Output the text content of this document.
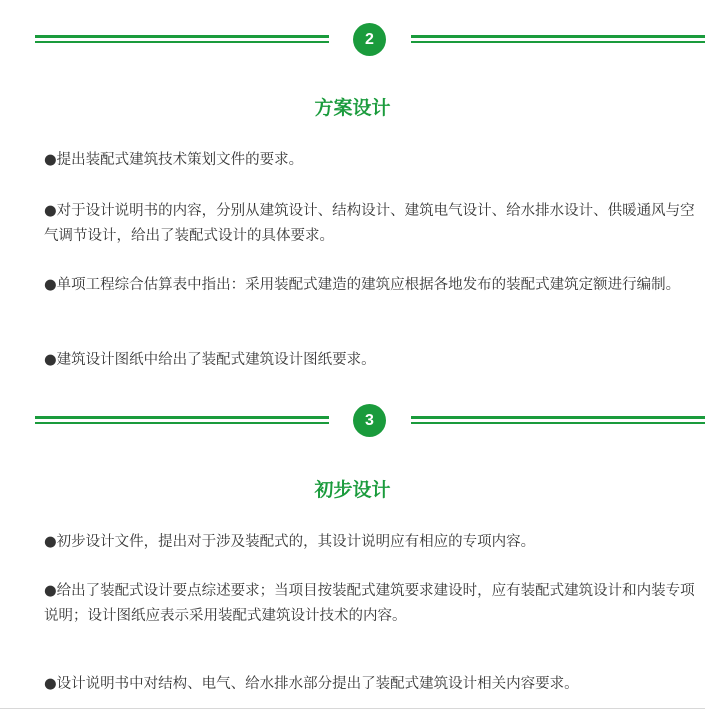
2
方案设计

●提出装配式建筑技术策划文件的要求。

●对于设计说明书的内容，分别从建筑设计、结构设计、建筑电气设计、给水排水设计、供暖通风与空气调节设计，给出了装配式设计的具体要求。

●单项工程综合估算表中指出：采用装配式建造的建筑应根据各地发布的装配式建筑定额进行编制。

●建筑设计图纸中给出了装配式建筑设计图纸要求。

3
初步设计

●初步设计文件，提出对于涉及装配式的，其设计说明应有相应的专项内容。

●给出了装配式设计要点综述要求；当项目按装配式建筑要求建设时，应有装配式建筑设计和内装专项说明；设计图纸应表示采用装配式建筑设计技术的内容。

●设计说明书中对结构、电气、给水排水部分提出了装配式建筑设计相关内容要求。
